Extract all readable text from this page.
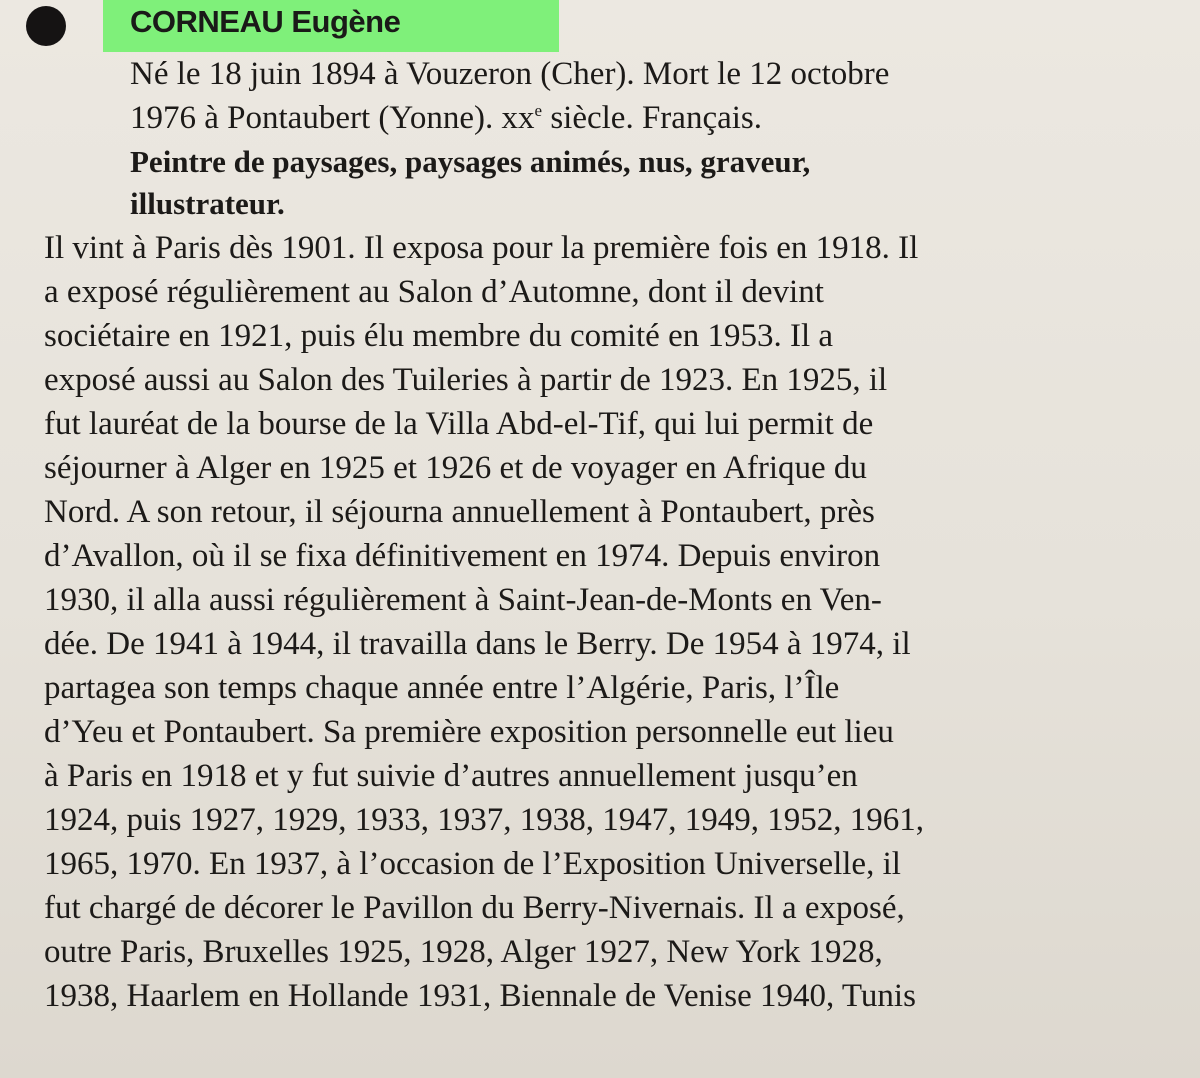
CORNEAU Eugène
Né le 18 juin 1894 à Vouzeron (Cher). Mort le 12 octobre
1976 à Pontaubert (Yonne). $xx^e$ siècle. Français.
Peintre de paysages, paysages animés, nus, graveur,
illustrateur.
Il vint à Paris dès 1901. Il exposa pour la première fois en 1918. Il
a exposé régulièrement au Salon d’Automne, dont il devint
sociétaire en 1921, puis élu membre du comité en 1953. Il a
exposé aussi au Salon des Tuileries à partir de 1923. En 1925, il
fut lauréat de la bourse de la Villa Abd-el-Tif, qui lui permit de
séjourner à Alger en 1925 et 1926 et de voyager en Afrique du
Nord. A son retour, il séjourna annuellement à Pontaubert, près
d’Avallon, où il se fixa définitivement en 1974. Depuis environ
1930, il alla aussi régulièrement à Saint-Jean-de-Monts en Ven-
dée. De 1941 à 1944, il travailla dans le Berry. De 1954 à 1974, il
partagea son temps chaque année entre l’Algérie, Paris, l’Île
d’Yeu et Pontaubert. Sa première exposition personnelle eut lieu
à Paris en 1918 et y fut suivie d’autres annuellement jusqu’en
1924, puis 1927, 1929, 1933, 1937, 1938, 1947, 1949, 1952, 1961,
1965, 1970. En 1937, à l’occasion de l’Exposition Universelle, il
fut chargé de décorer le Pavillon du Berry-Nivernais. Il a exposé,
outre Paris, Bruxelles 1925, 1928, Alger 1927, New York 1928,
1938, Haarlem en Hollande 1931, Biennale de Venise 1940, Tunis
